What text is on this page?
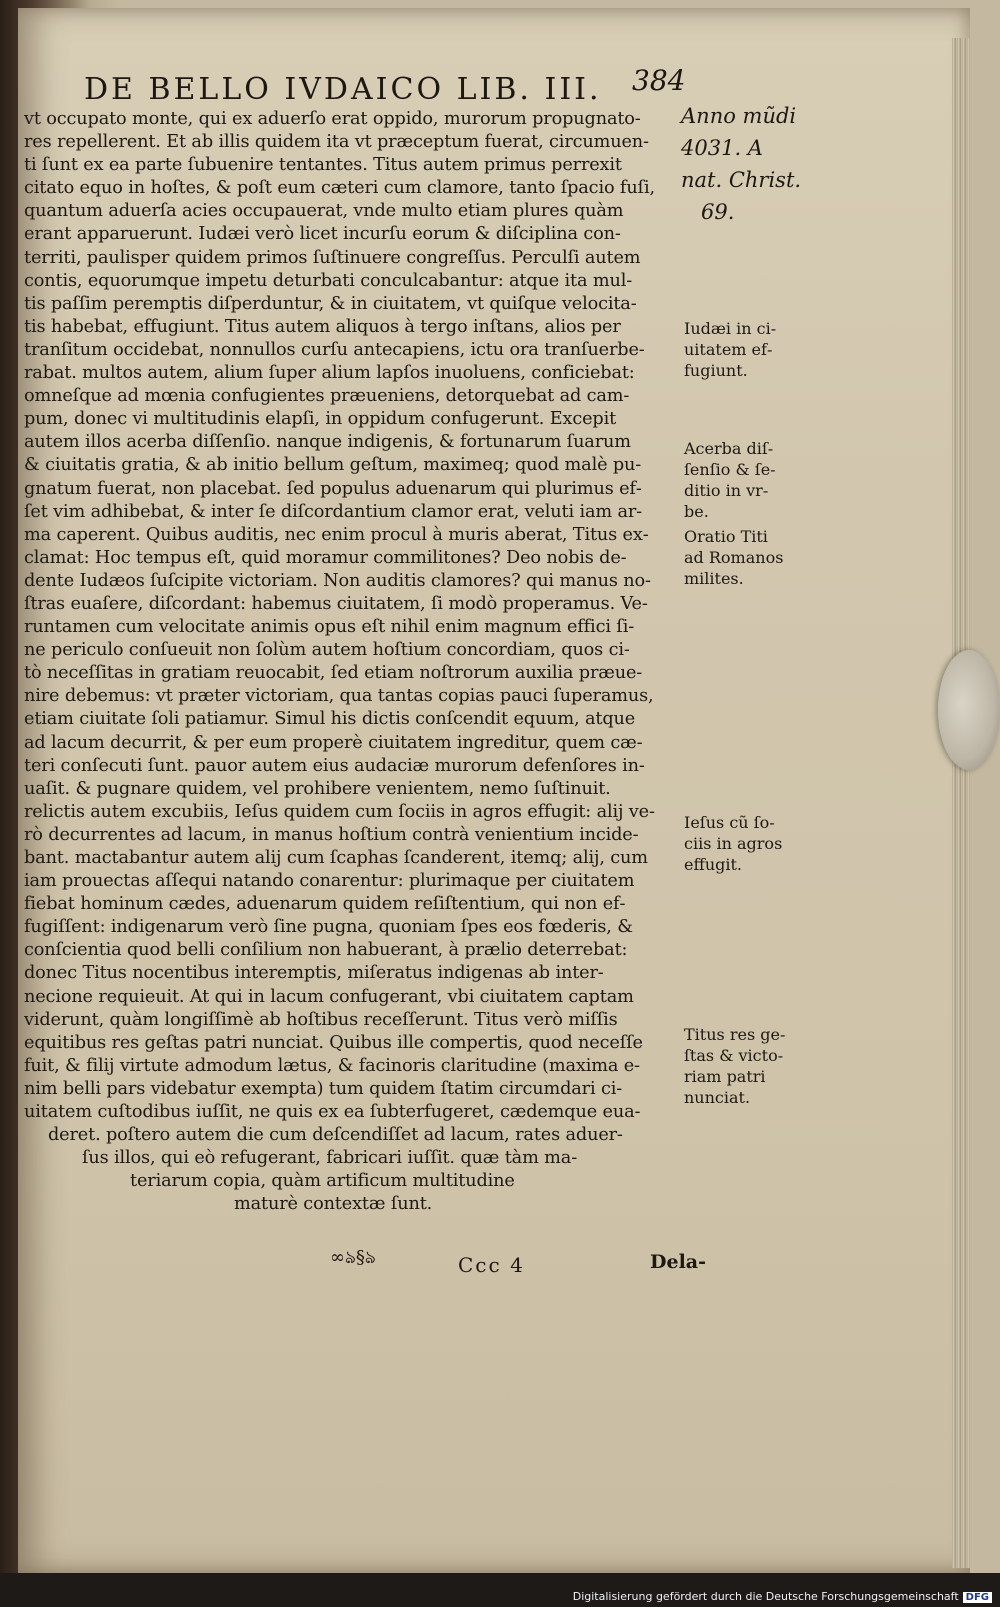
DE BELLO IVDAICO LIB. III.	384
Anno mũdi
4031. A
nat. Christ.
69.
vt occupato monte, qui ex aduerſo erat oppido, murorum propugnato‑
res repellerent. Et ab illis quidem ita vt præceptum fuerat, circumuen‑
ti ſunt ex ea parte ſubuenire tentantes. Titus autem primus perrexit
citato equo in hoſtes, & poſt eum cæteri cum clamore, tanto ſpacio fuſi,
quantum aduerſa acies occupauerat, vnde multo etiam plures quàm
erant apparuerunt. Iudæi verò licet incurſu eorum & diſciplina con‑
territi, paulisper quidem primos ſuſtinuere congreſſus. Perculſi autem
contis, equorumque impetu deturbati conculcabantur: atque ita mul‑
tis paſſim peremptis diſperduntur, & in ciuitatem, vt quiſque velocita‑
tis habebat, effugiunt. Titus autem aliquos à tergo inſtans, alios per
tranſitum occidebat, nonnullos curſu antecapiens, ictu ora tranſuerbe‑
rabat. multos autem, alium ſuper alium lapſos inuoluens, conficiebat:
omneſque ad mœnia confugientes præueniens, detorquebat ad cam‑
pum, donec vi multitudinis elapſi, in oppidum confugerunt. Excepit
autem illos acerba diſſenſio. nanque indigenis, & fortunarum ſuarum
& ciuitatis gratia, & ab initio bellum geſtum, maximeq; quod malè pu‑
gnatum fuerat, non placebat. ſed populus aduenarum qui plurimus ef‑
ſet vim adhibebat, & inter ſe diſcordantium clamor erat, veluti iam ar‑
ma caperent. Quibus auditis, nec enim procul à muris aberat, Titus ex‑
clamat: Hoc tempus eſt, quid moramur commilitones? Deo nobis de‑
dente Iudæos ſuſcipite victoriam. Non auditis clamores? qui manus no‑
ſtras euaſere, diſcordant: habemus ciuitatem, ſi modò properamus. Ve‑
runtamen cum velocitate animis opus eſt nihil enim magnum effici ſi‑
ne periculo conſueuit non ſolùm autem hoſtium concordiam, quos ci‑
tò neceſſitas in gratiam reuocabit, ſed etiam noſtrorum auxilia præue‑
nire debemus: vt præter victoriam, qua tantas copias pauci ſuperamus,
etiam ciuitate ſoli patiamur. Simul his dictis conſcendit equum, atque
ad lacum decurrit, & per eum properè ciuitatem ingreditur, quem cæ‑
teri conſecuti ſunt. pauor autem eius audaciæ murorum defenſores in‑
uaſit. & pugnare quidem, vel prohibere venientem, nemo ſuſtinuit.
relictis autem excubiis, Ieſus quidem cum ſociis in agros effugit: alij ve‑
rò decurrentes ad lacum, in manus hoſtium contrà venientium incide‑
bant. mactabantur autem alij cum ſcaphas ſcanderent, itemq; alij, cum
iam prouectas aſſequi natando conarentur: pluri̇maque per ciuitatem
fiebat hominum cædes, aduenarum quidem reſiſtentium, qui non ef‑
fugiſſent: indigenarum verò ſine pugna, quoniam ſpes eos fœderis, &
conſcientia quod belli conſilium non habuerant, à prælio deterrebat:
donec Titus nocentibus interemptis, miſeratus indigenas ab inter‑
necione requieuit. At qui in lacum confugerant, vbi ciuitatem captam
viderunt, quàm longiſſimè ab hoſtibus receſſerunt. Titus verò miſſis
equitibus res geſtas patri nunciat. Quibus ille compertis, quod neceſſe
fuit, & filij virtute admodum lætus, & facinoris claritudine (maxima e‑
nim belli pars videbatur exempta) tum quidem ſtatim circumdari ci‑
uitatem cuſtodibus iuſſit, ne quis ex ea ſubterfugeret, cædemque eua‑
deret. poſtero autem die cum deſcendiſſet ad lacum, rates aduer‑
ſus illos, qui eò refugerant, fabricari iuſſit. quæ tàm ma‑
teriarum copia, quàm artificum multitudine
maturè contextæ ſunt.
Iudæi in ci‑
uitatem ef‑
fugiunt.
Acerba diſ‑
ſenſio & ſe‑
ditio in vr‑
be.
Oratio Titi
ad Romanos
milites.
Ieſus cũ ſo‑
ciis in agros
effugit.
Titus res ge‑
ſtas & victo‑
riam patri
nunciat.
∞ঌ§ঌ	Ccc 4	Dela‑
Digitalisierung gefördert durch die Deutsche Forschungsgemeinschaft DFG
